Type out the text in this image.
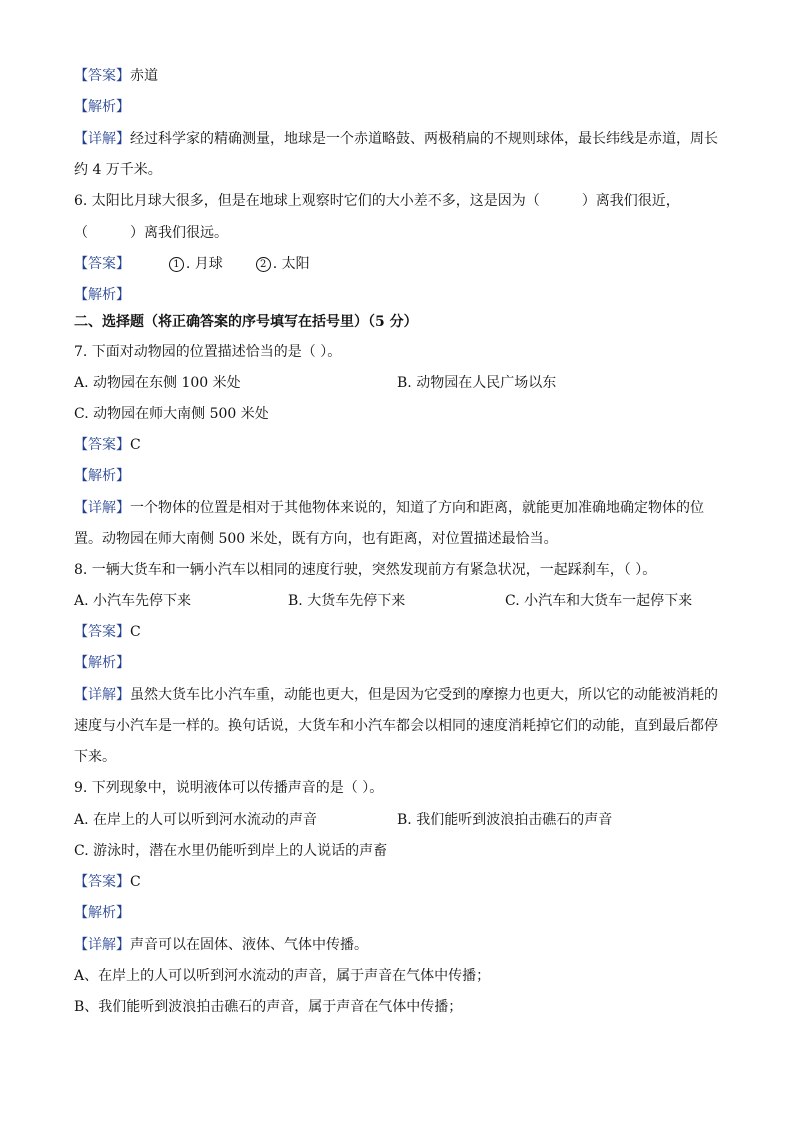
【答案】赤道
【解析】
【详解】经过科学家的精确测量，地球是一个赤道略鼓、两极稍扁的不规则球体，最长纬线是赤道，周长
约 4 万千米。
6. 太阳比月球大很多，但是在地球上观察时它们的大小差不多，这是因为（	）离我们很近，
（	）离我们很远。
【答案】	1 . 月球	2 . 太阳
【解析】
二、选择题（将正确答案的序号填写在括号里）（5 分）
7. 下面对动物园的位置描述恰当的是（ ）。
A. 动物园在东侧 100 米处	B. 动物园在人民广场以东
C. 动物园在师大南侧 500 米处
【答案】C
【解析】
【详解】一个物体的位置是相对于其他物体来说的，知道了方向和距离，就能更加准确地确定物体的位
置。动物园在师大南侧 500 米处，既有方向，也有距离，对位置描述最恰当。
8. 一辆大货车和一辆小汽车以相同的速度行驶，突然发现前方有紧急状况，一起踩刹车，（ ）。
A. 小汽车先停下来	B. 大货车先停下来	C. 小汽车和大货车一起停下来
【答案】C
【解析】
【详解】虽然大货车比小汽车重，动能也更大，但是因为它受到的摩擦力也更大，所以它的动能被消耗的
速度与小汽车是一样的。换句话说，大货车和小汽车都会以相同的速度消耗掉它们的动能，直到最后都停
下来。
9. 下列现象中，说明液体可以传播声音的是（ ）。
A. 在岸上的人可以听到河水流动的声音	B. 我们能听到波浪拍击礁石的声音
C. 游泳时，潜在水里仍能听到岸上的人说话的声畜
【答案】C
【解析】
【详解】声音可以在固体、液体、气体中传播。
A、在岸上的人可以听到河水流动的声音，属于声音在气体中传播；
B、我们能听到波浪拍击礁石的声音，属于声音在气体中传播；
